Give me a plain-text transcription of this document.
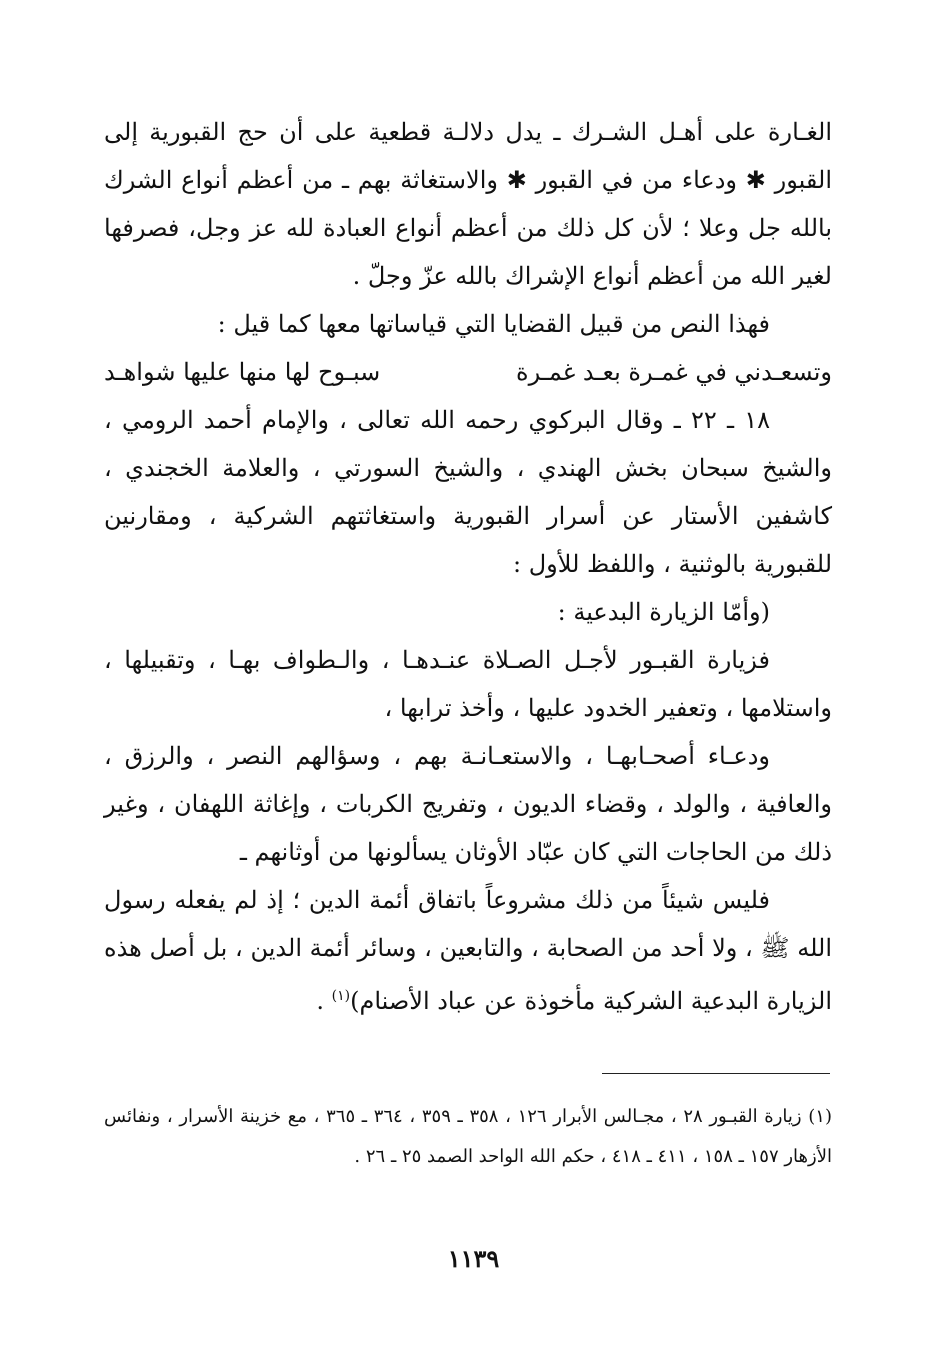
الغـارة على أهـل الشـرك ـ يدل دلالـة قطعية على أن حج القبورية إلى القبور ✱ ودعاء من في القبور ✱ والاستغاثة بهم ـ من أعظم أنواع الشرك بالله جل وعلا ؛ لأن كل ذلك من أعظم أنواع العبادة لله عز وجل، فصرفها لغير الله من أعظم أنواع الإشراك بالله عزّ وجلّ .

فهذا النص من قبيل القضايا التي قياساتها معها كما قيل :

وتسعـدني في غمـرة بعـد غمـرة
سبـوح لها منها عليها شواهـد

١٨ ـ ٢٢ ـ وقال البركوي رحمه الله تعالى ، والإمام أحمد الرومي ، والشيخ سبحان بخش الهندي ، والشيخ السورتي ، والعلامة الخجندي ، كاشفين الأستار عن أسرار القبورية واستغاثتهم الشركية ، ومقارنين للقبورية بالوثنية ، واللفظ للأول :

(وأمّا الزيارة البدعية :

فزيارة القبـور لأجـل الصـلاة عنـدهـا ، والـطواف بهـا ، وتقبيلها ، واستلامها ، وتعفير الخدود عليها ، وأخذ ترابها ،

ودعـاء أصحـابهـا ، والاستعـانـة بهم ، وسؤالهم النصر ، والرزق ، والعافية ، والولد ، وقضاء الديون ، وتفريج الكربات ، وإغاثة اللهفان ، وغير ذلك من الحاجات التي كان عبّاد الأوثان يسألونها من أوثانهم ـ

فليس شيئاً من ذلك مشروعاً باتفاق أئمة الدين ؛ إذ لم يفعله رسول الله ﷺ ، ولا أحد من الصحابة ، والتابعين ، وسائر أئمة الدين ، بل أصل هذه الزيارة البدعية الشركية مأخوذة عن عباد الأصنام)$^{(١)}$ .

(١) زيارة القبـور ٢٨ ، مجـالس الأبرار ١٢٦ ، ٣٥٨ ـ ٣٥٩ ، ٣٦٤ ـ ٣٦٥ ، مع خزينة الأسرار ، ونفائس الأزهار ١٥٧ ـ ١٥٨ ، ٤١١ ـ ٤١٨ ، حكم الله الواحد الصمد ٢٥ ـ ٢٦ .

١١٣٩
